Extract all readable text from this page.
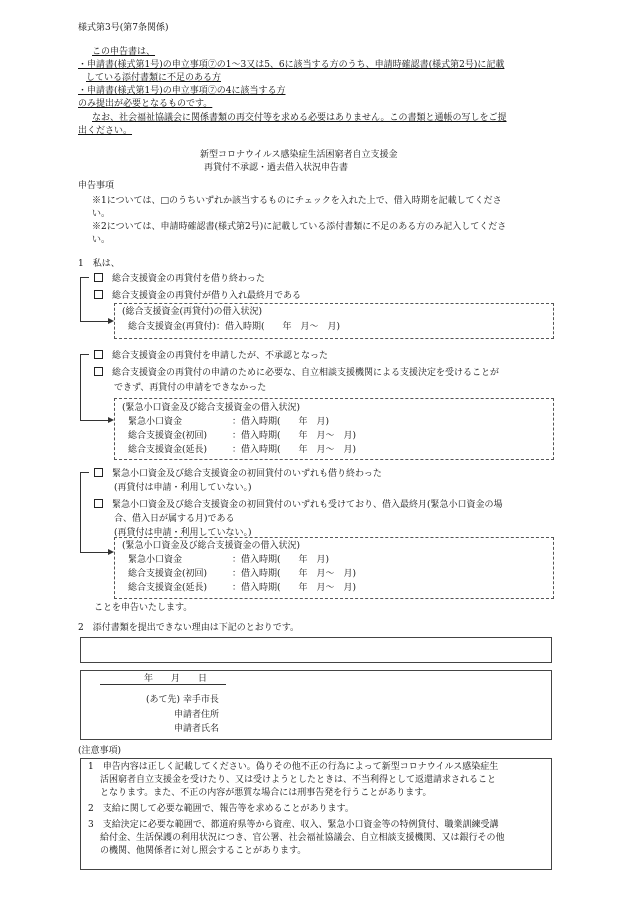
様式第3号(第7条関係)
この申告書は、
・申請書(様式第1号)の申立事項⑦の1～3又は5、6に該当する方のうち、申請時確認書(様式第2号)に記載
している添付書類に不足のある方
・申請書(様式第1号)の申立事項⑦の4に該当する方
のみ提出が必要となるものです。
なお、社会福祉協議会に関係書類の再交付等を求める必要はありません。この書類と通帳の写しをご提
出ください。
新型コロナウイルス感染症生活困窮者自立支援金
再貸付不承認・過去借入状況申告書
申告事項
※1については、□のうちいずれか該当するものにチェックを入れた上で、借入時期を記載してくださ
い。
※2については、申請時確認書(様式第2号)に記載している添付書類に不足のある方のみ記入してくださ
い。
1　私は、
総合支援資金の再貸付を借り終わった
総合支援資金の再貸付が借り入れ最終月である
(総合支援資金(再貸付)の借入状況)
総合支援資金(再貸付)：借入時期(　　年　月～　月)
総合支援資金の再貸付を申請したが、不承認となった
総合支援資金の再貸付の申請のために必要な、自立相談支援機関による支援決定を受けることが
できず、再貸付の申請をできなかった
(緊急小口資金及び総合支援資金の借入状況)
緊急小口資金	：借入時期(　　年　月)
総合支援資金(初回)	：借入時期(　　年　月～　月)
総合支援資金(延長)	：借入時期(　　年　月～　月)
緊急小口資金及び総合支援資金の初回貸付のいずれも借り終わった
(再貸付は申請・利用していない。)
緊急小口資金及び総合支援資金の初回貸付のいずれも受けており、借入最終月(緊急小口資金の場
合、借入日が属する月)である
(再貸付は申請・利用していない。)
(緊急小口資金及び総合支援資金の借入状況)
緊急小口資金	：借入時期(　　年　月)
総合支援資金(初回)	：借入時期(　　年　月～　月)
総合支援資金(延長)	：借入時期(　　年　月～　月)
ことを申告いたします。
2　添付書類を提出できない理由は下記のとおりです。
年　　月　　日
(あて先) 幸手市長
申請者住所
申請者氏名
(注意事項)
1　申告内容は正しく記載してください。偽りその他不正の行為によって新型コロナウイルス感染症生
活困窮者自立支援金を受けたり、又は受けようとしたときは、不当利得として返還請求されること
となります。また、不正の内容が悪質な場合には刑事告発を行うことがあります。
2　支給に関して必要な範囲で、報告等を求めることがあります。
3　支給決定に必要な範囲で、都道府県等から資産、収入、緊急小口資金等の特例貸付、職業訓練受講
給付金、生活保護の利用状況につき、官公署、社会福祉協議会、自立相談支援機関、又は銀行その他
の機関、他関係者に対し照会することがあります。
